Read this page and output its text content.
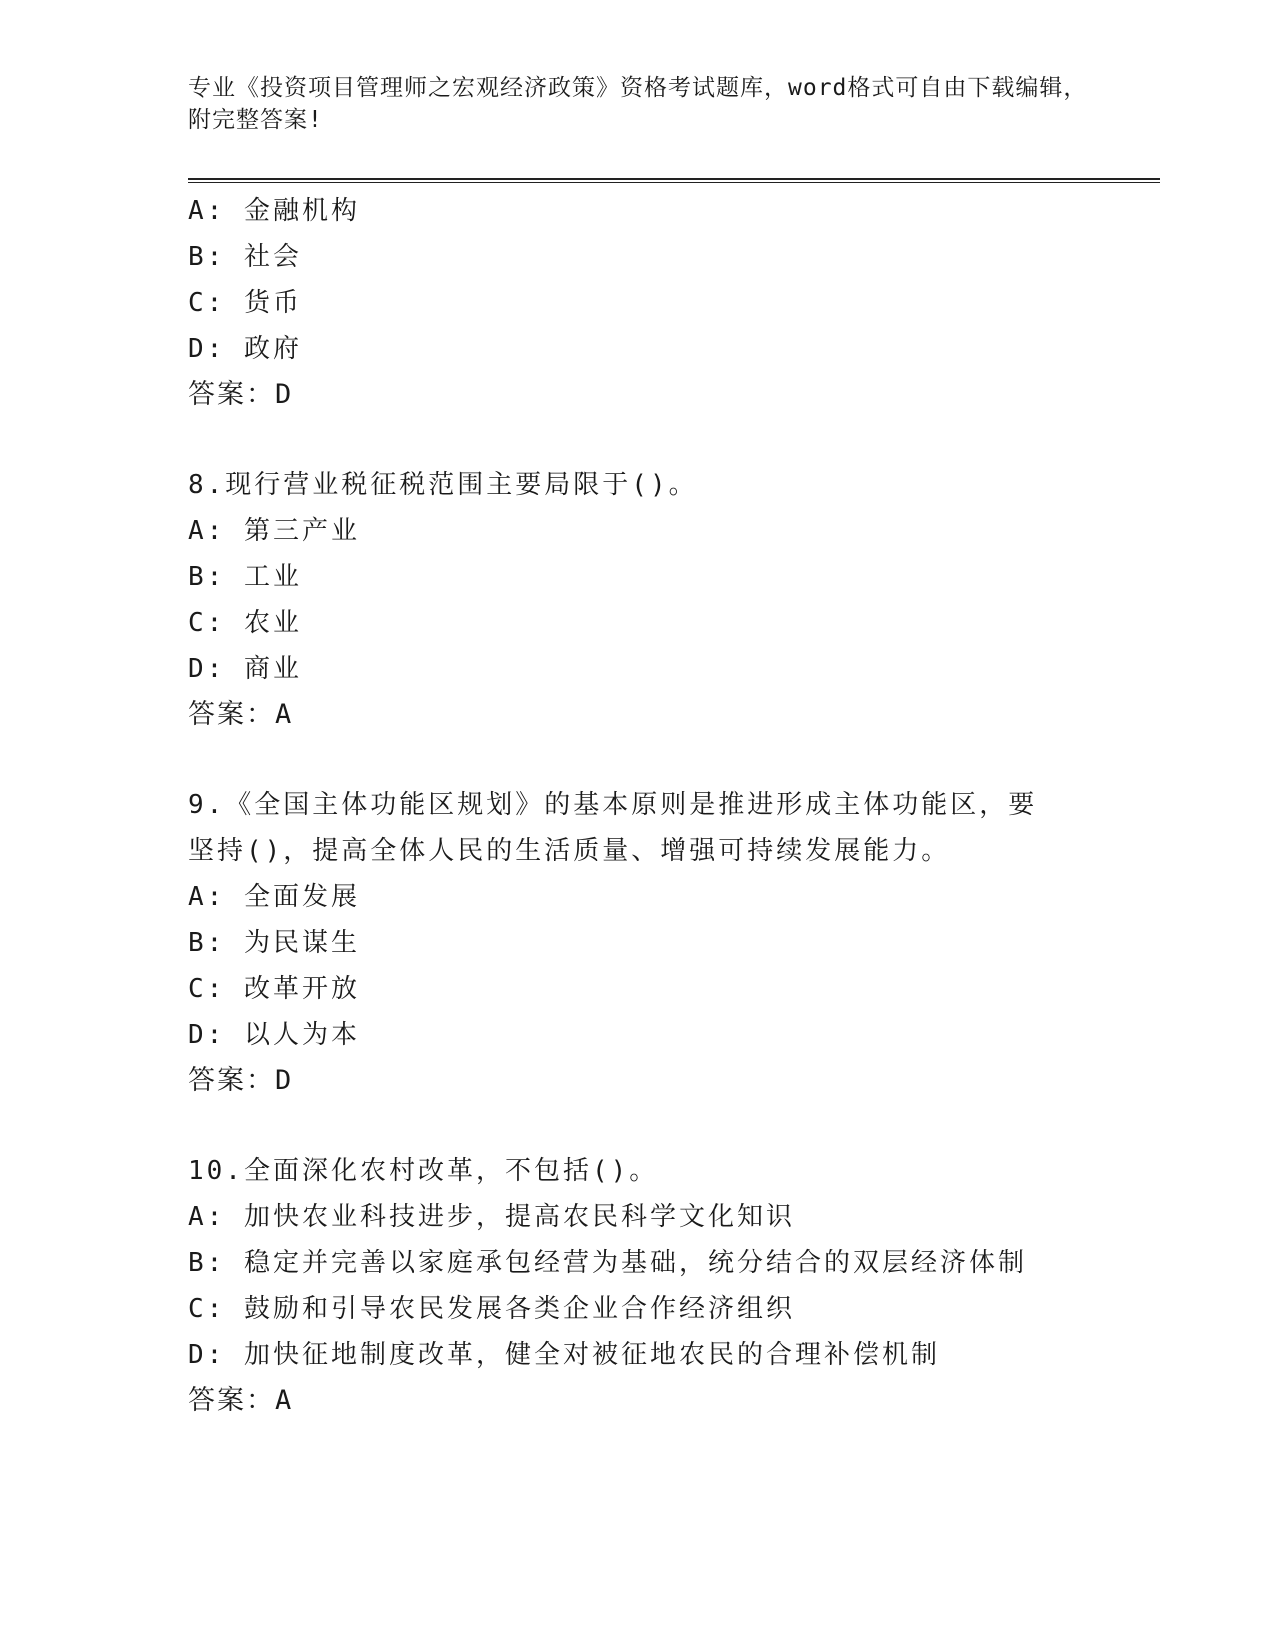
专业《投资项目管理师之宏观经济政策》资格考试题库，word格式可自由下载编辑，附完整答案!
A: 金融机构
B: 社会
C: 货币
D: 政府
答案：D
8.现行营业税征税范围主要局限于()。
A: 第三产业
B: 工业
C: 农业
D: 商业
答案：A
9.《全国主体功能区规划》的基本原则是推进形成主体功能区，要坚持()，提高全体人民的生活质量、增强可持续发展能力。
A: 全面发展
B: 为民谋生
C: 改革开放
D: 以人为本
答案：D
10.全面深化农村改革，不包括()。
A: 加快农业科技进步，提高农民科学文化知识
B: 稳定并完善以家庭承包经营为基础，统分结合的双层经济体制
C: 鼓励和引导农民发展各类企业合作经济组织
D: 加快征地制度改革，健全对被征地农民的合理补偿机制
答案：A
